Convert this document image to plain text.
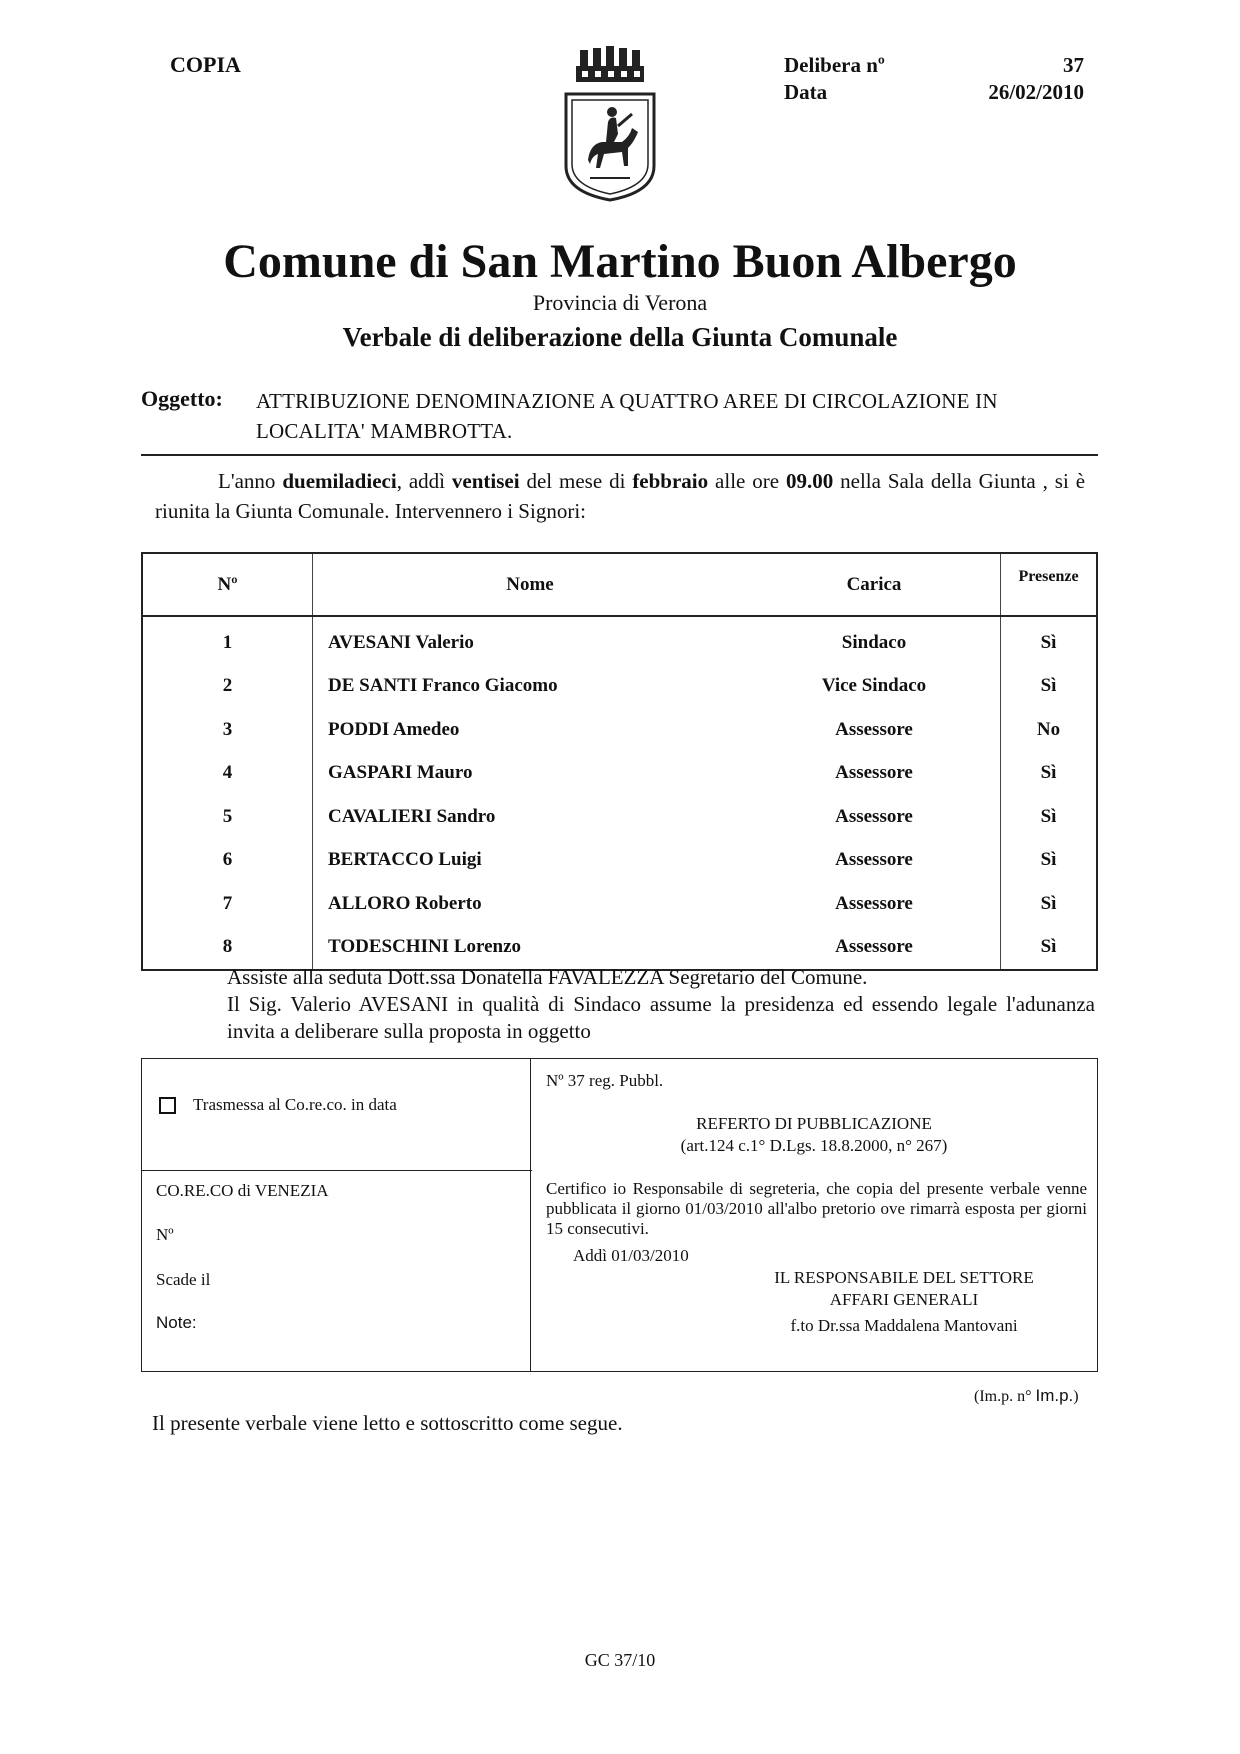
COPIA	Delibera nº	37
Data	26/02/2010
Comune di San Martino Buon Albergo
Provincia di Verona
Verbale di deliberazione della Giunta Comunale
Oggetto: ATTRIBUZIONE DENOMINAZIONE A QUATTRO AREE DI CIRCOLAZIONE IN LOCALITA' MAMBROTTA.
L'anno duemiladieci, addì ventisei del mese di febbraio alle ore 09.00 nella Sala della Giunta , si è riunita la Giunta Comunale. Intervennero i Signori:
Nº	Nome	Carica	Presenze
1	AVESANI Valerio	Sindaco	Sì
2	DE SANTI Franco Giacomo	Vice Sindaco	Sì
3	PODDI Amedeo	Assessore	No
4	GASPARI Mauro	Assessore	Sì
5	CAVALIERI Sandro	Assessore	Sì
6	BERTACCO Luigi	Assessore	Sì
7	ALLORO Roberto	Assessore	Sì
8	TODESCHINI Lorenzo	Assessore	Sì
Assiste alla seduta Dott.ssa Donatella FAVALEZZA Segretario del Comune.
Il Sig. Valerio AVESANI in qualità di Sindaco assume la presidenza ed essendo legale l'adunanza invita a deliberare sulla proposta in oggetto
Trasmessa al Co.re.co. in data
CO.RE.CO di VENEZIA
Nº
Scade il
Note:
Nº 37 reg. Pubbl.
REFERTO DI PUBBLICAZIONE
(art.124 c.1° D.Lgs. 18.8.2000, n° 267)
Certifico io Responsabile di segreteria, che copia del presente verbale venne pubblicata il giorno 01/03/2010 all'albo pretorio ove rimarrà esposta per giorni 15 consecutivi.
Addì 01/03/2010
IL RESPONSABILE DEL SETTORE
AFFARI GENERALI
f.to Dr.ssa Maddalena Mantovani
(Im.p. n° Im.p.)
Il presente verbale viene letto e sottoscritto come segue.
GC 37/10
